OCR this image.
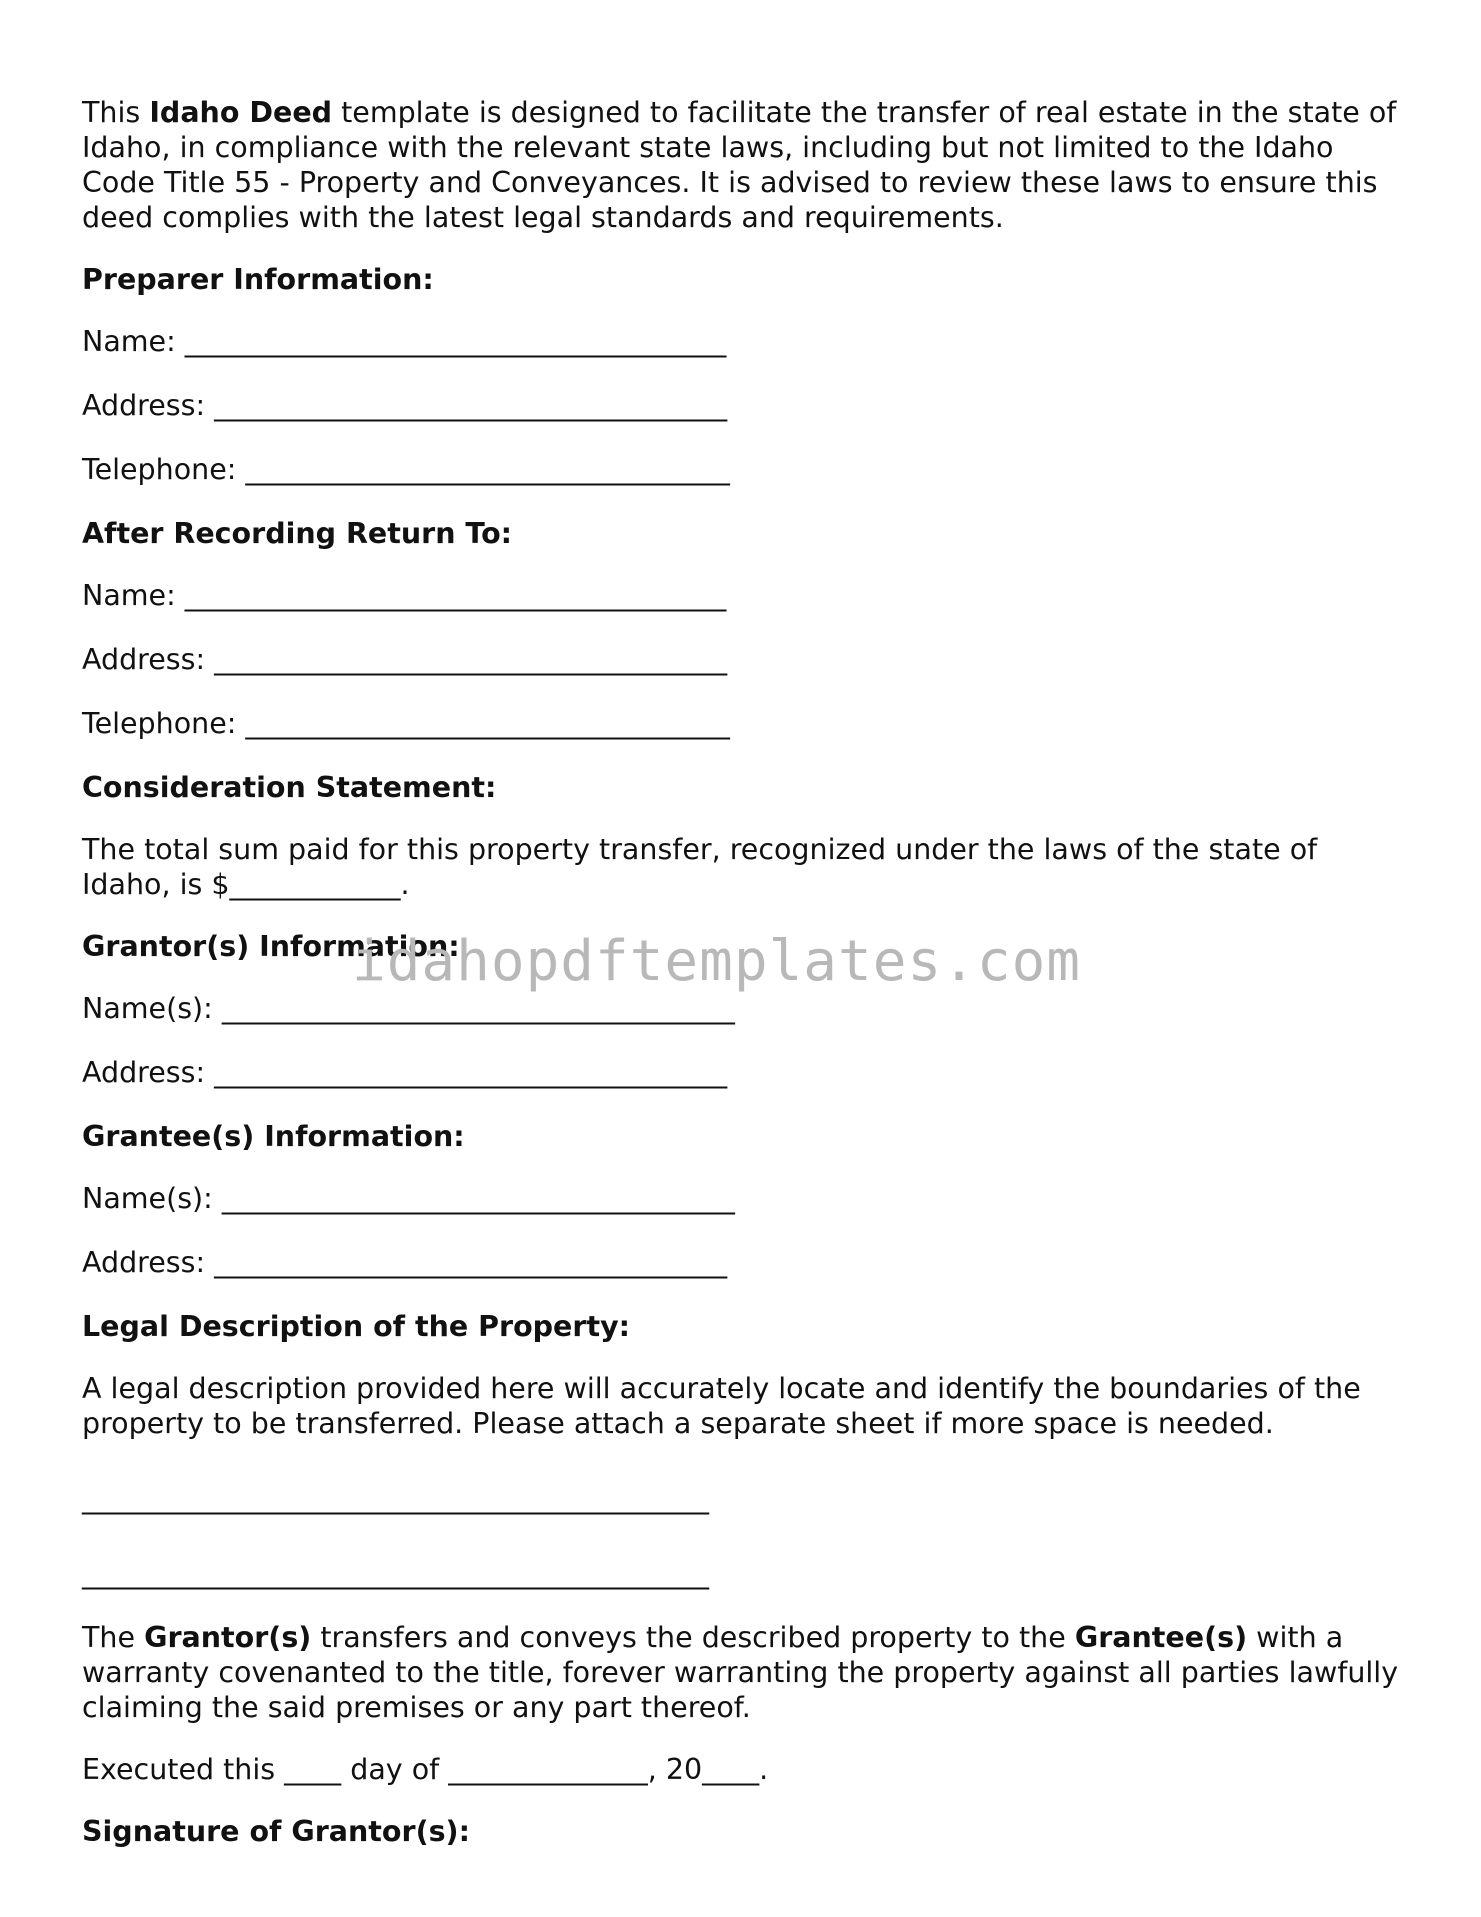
This Idaho Deed template is designed to facilitate the transfer of real estate in the state of Idaho, in compliance with the relevant state laws, including but not limited to the Idaho Code Title 55 - Property and Conveyances. It is advised to review these laws to ensure this deed complies with the latest legal standards and requirements.

Preparer Information:

Name: ______________________________________

Address: ____________________________________

Telephone: __________________________________

After Recording Return To:

Name: ______________________________________

Address: ____________________________________

Telephone: __________________________________

Consideration Statement:

The total sum paid for this property transfer, recognized under the laws of the state of Idaho, is $____________.

Grantor(s) Information:

Name(s): ____________________________________

Address: ____________________________________

Grantee(s) Information:

Name(s): ____________________________________

Address: ____________________________________

Legal Description of the Property:

A legal description provided here will accurately locate and identify the boundaries of the property to be transferred. Please attach a separate sheet if more space is needed.

____________________________________________

____________________________________________

The Grantor(s) transfers and conveys the described property to the Grantee(s) with a warranty covenanted to the title, forever warranting the property against all parties lawfully claiming the said premises or any part thereof.

Executed this ____ day of ______________, 20____.

Signature of Grantor(s):

idahopdftemplates.com
